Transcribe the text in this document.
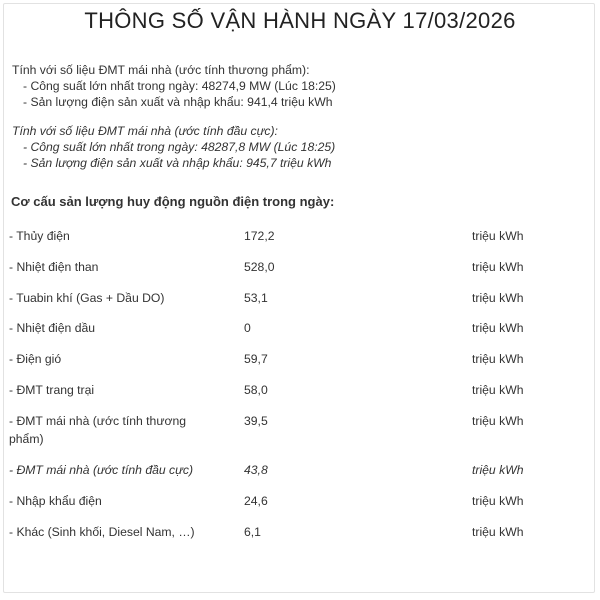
THÔNG SỐ VẬN HÀNH NGÀY 17/03/2026
Tính với số liệu ĐMT mái nhà (ước tính thương phẩm):
- Công suất lớn nhất trong ngày: 48274,9 MW (Lúc 18:25)
- Sản lượng điện sản xuất và nhập khẩu: 941,4 triệu kWh
Tính với số liệu ĐMT mái nhà (ước tính đầu cực):
- Công suất lớn nhất trong ngày: 48287,8 MW (Lúc 18:25)
- Sản lượng điện sản xuất và nhập khẩu: 945,7 triệu kWh
Cơ cấu sản lượng huy động nguồn điện trong ngày:
- Thủy điện	172,2	triệu kWh
- Nhiệt điện than	528,0	triệu kWh
- Tuabin khí (Gas + Dầu DO)	53,1	triệu kWh
- Nhiệt điện dầu	0	triệu kWh
- Điện gió	59,7	triệu kWh
- ĐMT trang trại	58,0	triệu kWh
- ĐMT mái nhà (ước tính thương phẩm)
39,5	triệu kWh
- ĐMT mái nhà (ước tính đầu cực)	43,8	triệu kWh
- Nhập khẩu điện	24,6	triệu kWh
- Khác (Sinh khối, Diesel Nam, …)	6,1	triệu kWh
